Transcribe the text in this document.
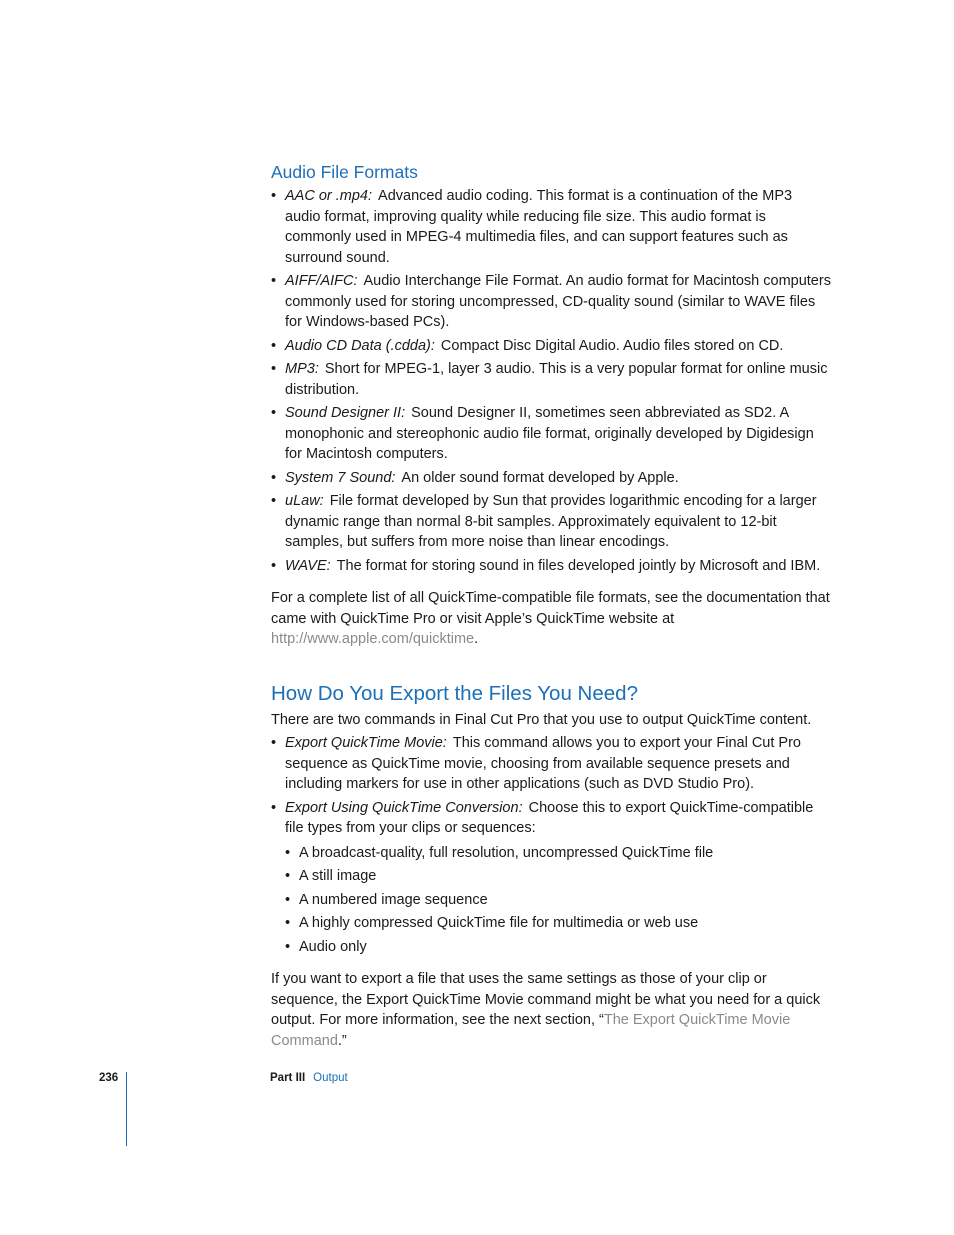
Audio File Formats
• AAC or .mp4: Advanced audio coding. This format is a continuation of the MP3 audio format, improving quality while reducing file size. This audio format is commonly used in MPEG-4 multimedia files, and can support features such as surround sound.
• AIFF/AIFC: Audio Interchange File Format. An audio format for Macintosh computers commonly used for storing uncompressed, CD-quality sound (similar to WAVE files for Windows-based PCs).
• Audio CD Data (.cdda): Compact Disc Digital Audio. Audio files stored on CD.
• MP3: Short for MPEG-1, layer 3 audio. This is a very popular format for online music distribution.
• Sound Designer II: Sound Designer II, sometimes seen abbreviated as SD2. A monophonic and stereophonic audio file format, originally developed by Digidesign for Macintosh computers.
• System 7 Sound: An older sound format developed by Apple.
• uLaw: File format developed by Sun that provides logarithmic encoding for a larger dynamic range than normal 8-bit samples. Approximately equivalent to 12-bit samples, but suffers from more noise than linear encodings.
• WAVE: The format for storing sound in files developed jointly by Microsoft and IBM.

For a complete list of all QuickTime-compatible file formats, see the documentation that came with QuickTime Pro or visit Apple’s QuickTime website at http://www.apple.com/quicktime.

How Do You Export the Files You Need?

There are two commands in Final Cut Pro that you use to output QuickTime content.

• Export QuickTime Movie: This command allows you to export your Final Cut Pro sequence as QuickTime movie, choosing from available sequence presets and including markers for use in other applications (such as DVD Studio Pro).
• Export Using QuickTime Conversion: Choose this to export QuickTime-compatible file types from your clips or sequences:
• A broadcast-quality, full resolution, uncompressed QuickTime file
• A still image
• A numbered image sequence
• A highly compressed QuickTime file for multimedia or web use
• Audio only

If you want to export a file that uses the same settings as those of your clip or sequence, the Export QuickTime Movie command might be what you need for a quick output. For more information, see the next section, “The Export QuickTime Movie Command.”

236	Part III Output
